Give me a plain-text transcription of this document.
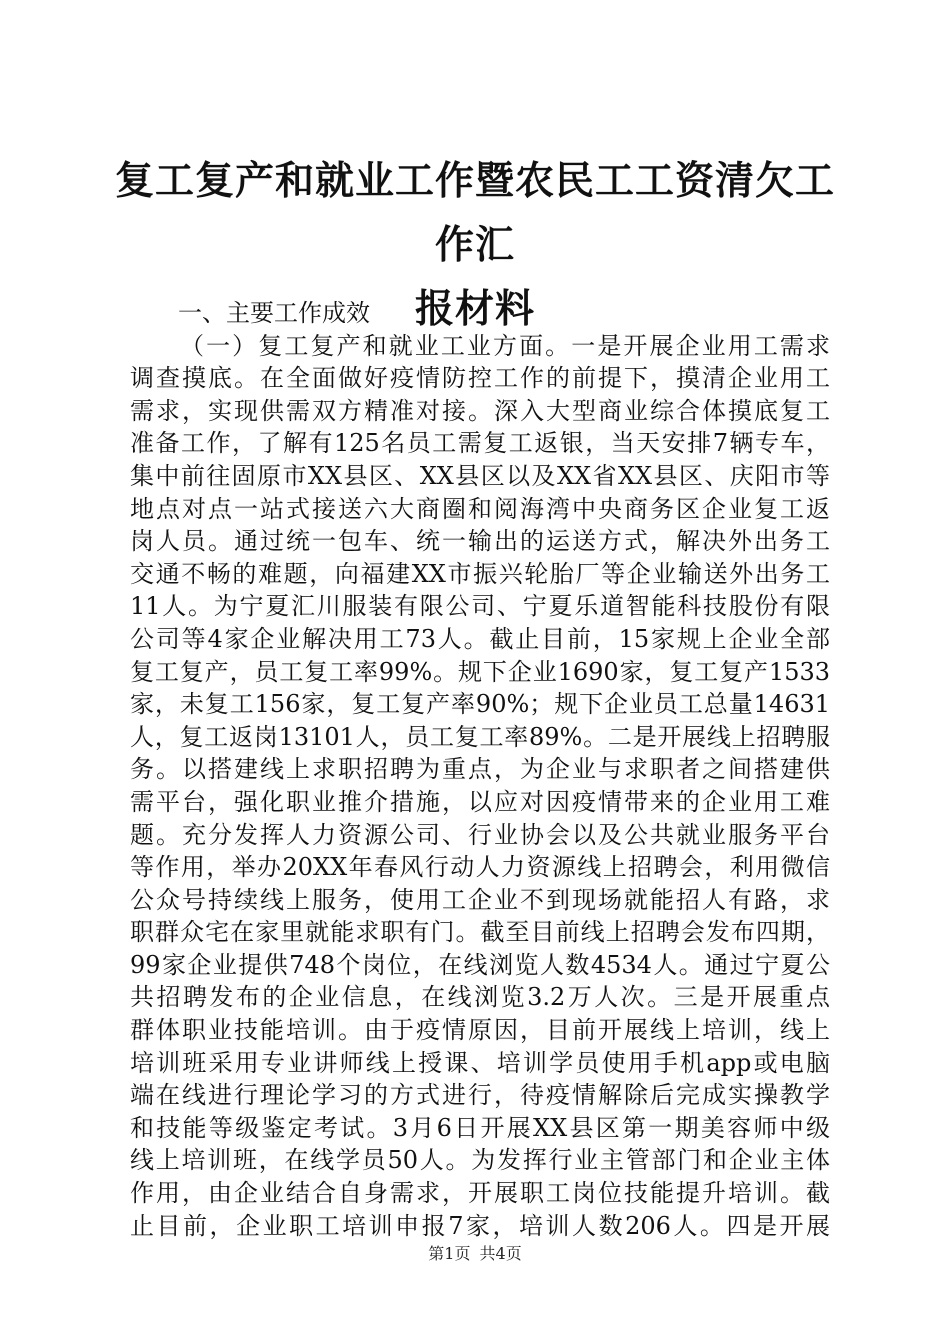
复工复产和就业工作暨农民工工资清欠工作汇
报材料
一、主要工作成效
（一）复工复产和就业工业方面。一是开展企业用工需求
调查摸底。在全面做好疫情防控工作的前提下，摸清企业用工
需求，实现供需双方精准对接。深入大型商业综合体摸底复工
准备工作，了解有125名员工需复工返银，当天安排7辆专车，
集中前往固原市XX县区、XX县区以及XX省XX县区、庆阳市等
地点对点一站式接送六大商圈和阅海湾中央商务区企业复工返
岗人员。通过统一包车、统一输出的运送方式，解决外出务工
交通不畅的难题，向福建XX市振兴轮胎厂等企业输送外出务工
11人。为宁夏汇川服装有限公司、宁夏乐道智能科技股份有限
公司等4家企业解决用工73人。截止目前，15家规上企业全部
复工复产，员工复工率99%。规下企业1690家，复工复产1533
家，未复工156家，复工复产率90%；规下企业员工总量14631
人，复工返岗13101人，员工复工率89%。二是开展线上招聘服
务。以搭建线上求职招聘为重点，为企业与求职者之间搭建供
需平台，强化职业推介措施，以应对因疫情带来的企业用工难
题。充分发挥人力资源公司、行业协会以及公共就业服务平台
等作用，举办20XX年春风行动人力资源线上招聘会，利用微信
公众号持续线上服务，使用工企业不到现场就能招人有路，求
职群众宅在家里就能求职有门。截至目前线上招聘会发布四期，
99家企业提供748个岗位，在线浏览人数4534人。通过宁夏公
共招聘发布的企业信息，在线浏览3.2万人次。三是开展重点
群体职业技能培训。由于疫情原因，目前开展线上培训，线上
培训班采用专业讲师线上授课、培训学员使用手机app或电脑
端在线进行理论学习的方式进行，待疫情解除后完成实操教学
和技能等级鉴定考试。3月6日开展XX县区第一期美容师中级
线上培训班，在线学员50人。为发挥行业主管部门和企业主体
作用，由企业结合自身需求，开展职工岗位技能提升培训。截
止目前，企业职工培训申报7家，培训人数206人。四是开展
第1页 共4页
